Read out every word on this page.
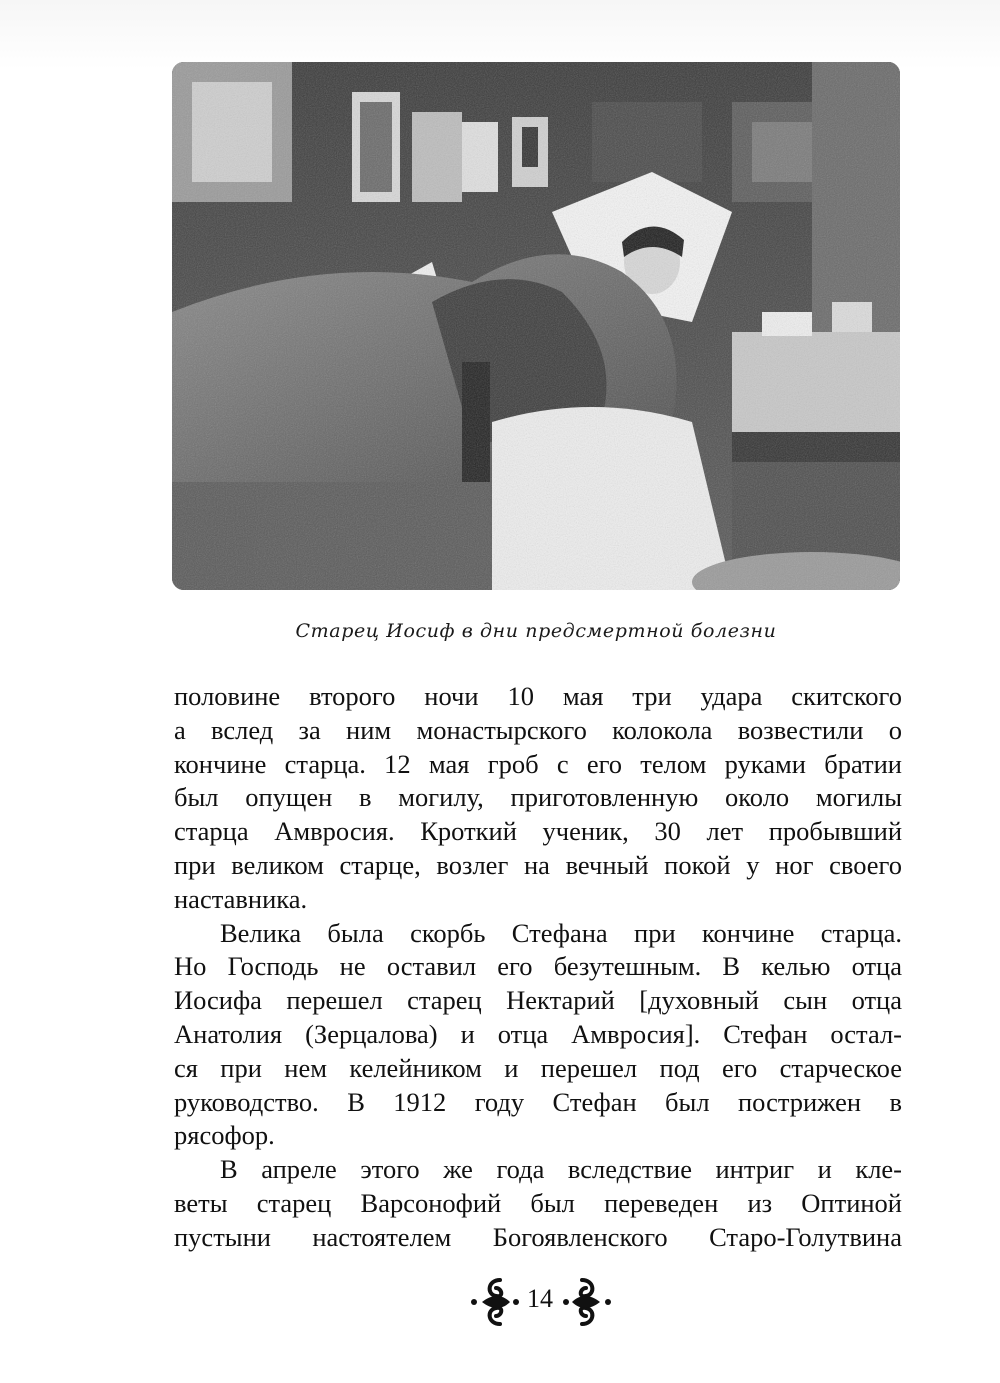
Старец Иосиф в дни предсмертной болезни
половине второго ночи 10 мая три удара скитского
а вслед за ним монастырского колокола возвестили о
кончине старца. 12 мая гроб с его телом руками братии
был опущен в могилу, приготовленную около могилы
старца Амвросия. Кроткий ученик, 30 лет пробывший
при великом старце, возлег на вечный покой у ног своего
наставника.
Велика была скорбь Стефана при кончине старца.
Но Господь не оставил его безутешным. В келью отца
Иосифа перешел старец Нектарий [духовный сын отца
Анатолия (Зерцалова) и отца Амвросия]. Стефан остал-
ся при нем келейником и перешел под его старческое
руководство. В 1912 году Стефан был пострижен в
рясофор.
В апреле этого же года вследствие интриг и кле-
веты старец Варсонофий был переведен из Оптиной
пустыни настоятелем Богоявленского Старо-Голутвина
14
